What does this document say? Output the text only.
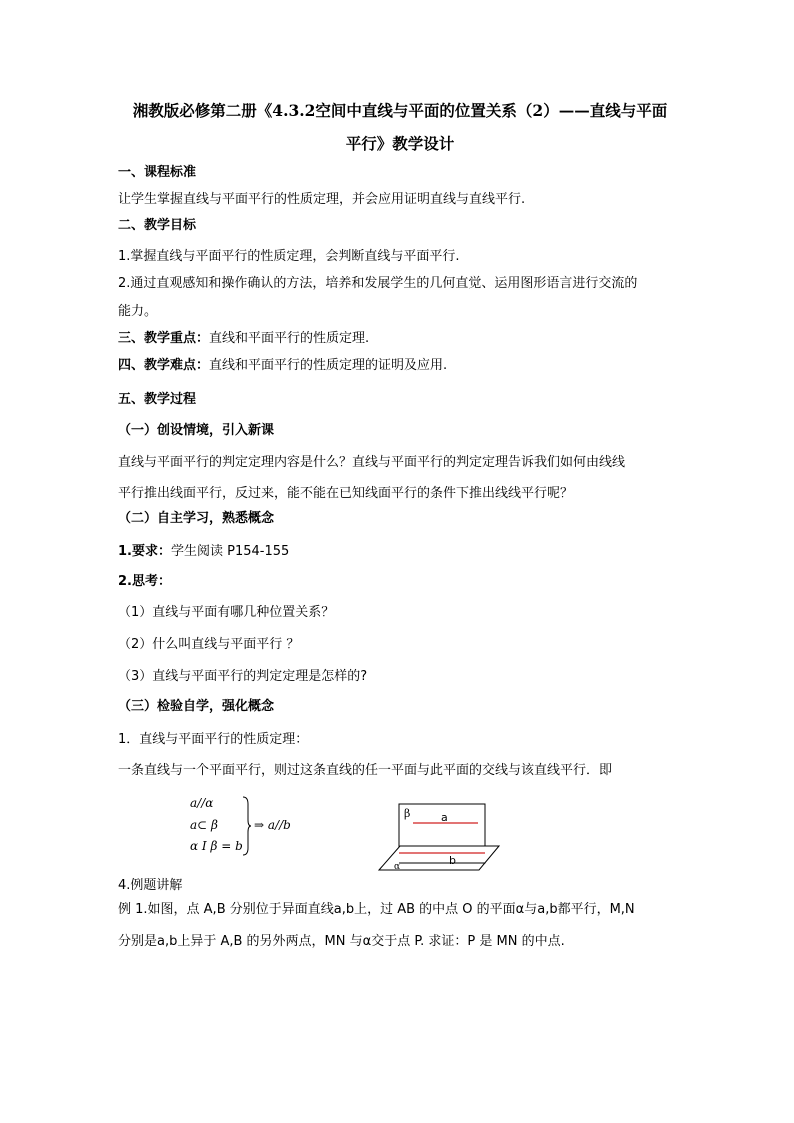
湘教版必修第二册《4.3.2空间中直线与平面的位置关系（2）——直线与平面
平行》教学设计
一、课程标准
让学生掌握直线与平面平行的性质定理，并会应用证明直线与直线平行.
二、教学目标
1.掌握直线与平面平行的性质定理，会判断直线与平面平行.
2.通过直观感知和操作确认的方法，培养和发展学生的几何直觉、运用图形语言进行交流的
能力。
三、教学重点：直线和平面平行的性质定理.
四、教学难点：直线和平面平行的性质定理的证明及应用.
五、教学过程
（一）创设情境，引入新课
直线与平面平行的判定定理内容是什么？直线与平面平行的判定定理告诉我们如何由线线
平行推出线面平行，反过来，能不能在已知线面平行的条件下推出线线平行呢？
（二）自主学习，熟悉概念
1.要求：学生阅读 P154-155
2.思考：
（1）直线与平面有哪几种位置关系？
（2）什么叫直线与平面平行 ？
（3）直线与平面平行的判定定理是怎样的?
（三）检验自学，强化概念
1．直线与平面平行的性质定理：
一条直线与一个平面平行，则过这条直线的任一平面与此平面的交线与该直线平行．即
a//α
a⊂ β
α I β = b
⇒ a//b
β	a
b
α
4.例题讲解
例 1.如图，点 A,B 分别位于异面直线a,b上，过 AB 的中点 O 的平面α与a,b都平行，M,N
分别是a,b上异于 A,B 的另外两点，MN 与α交于点 P. 求证：P 是 MN 的中点.
